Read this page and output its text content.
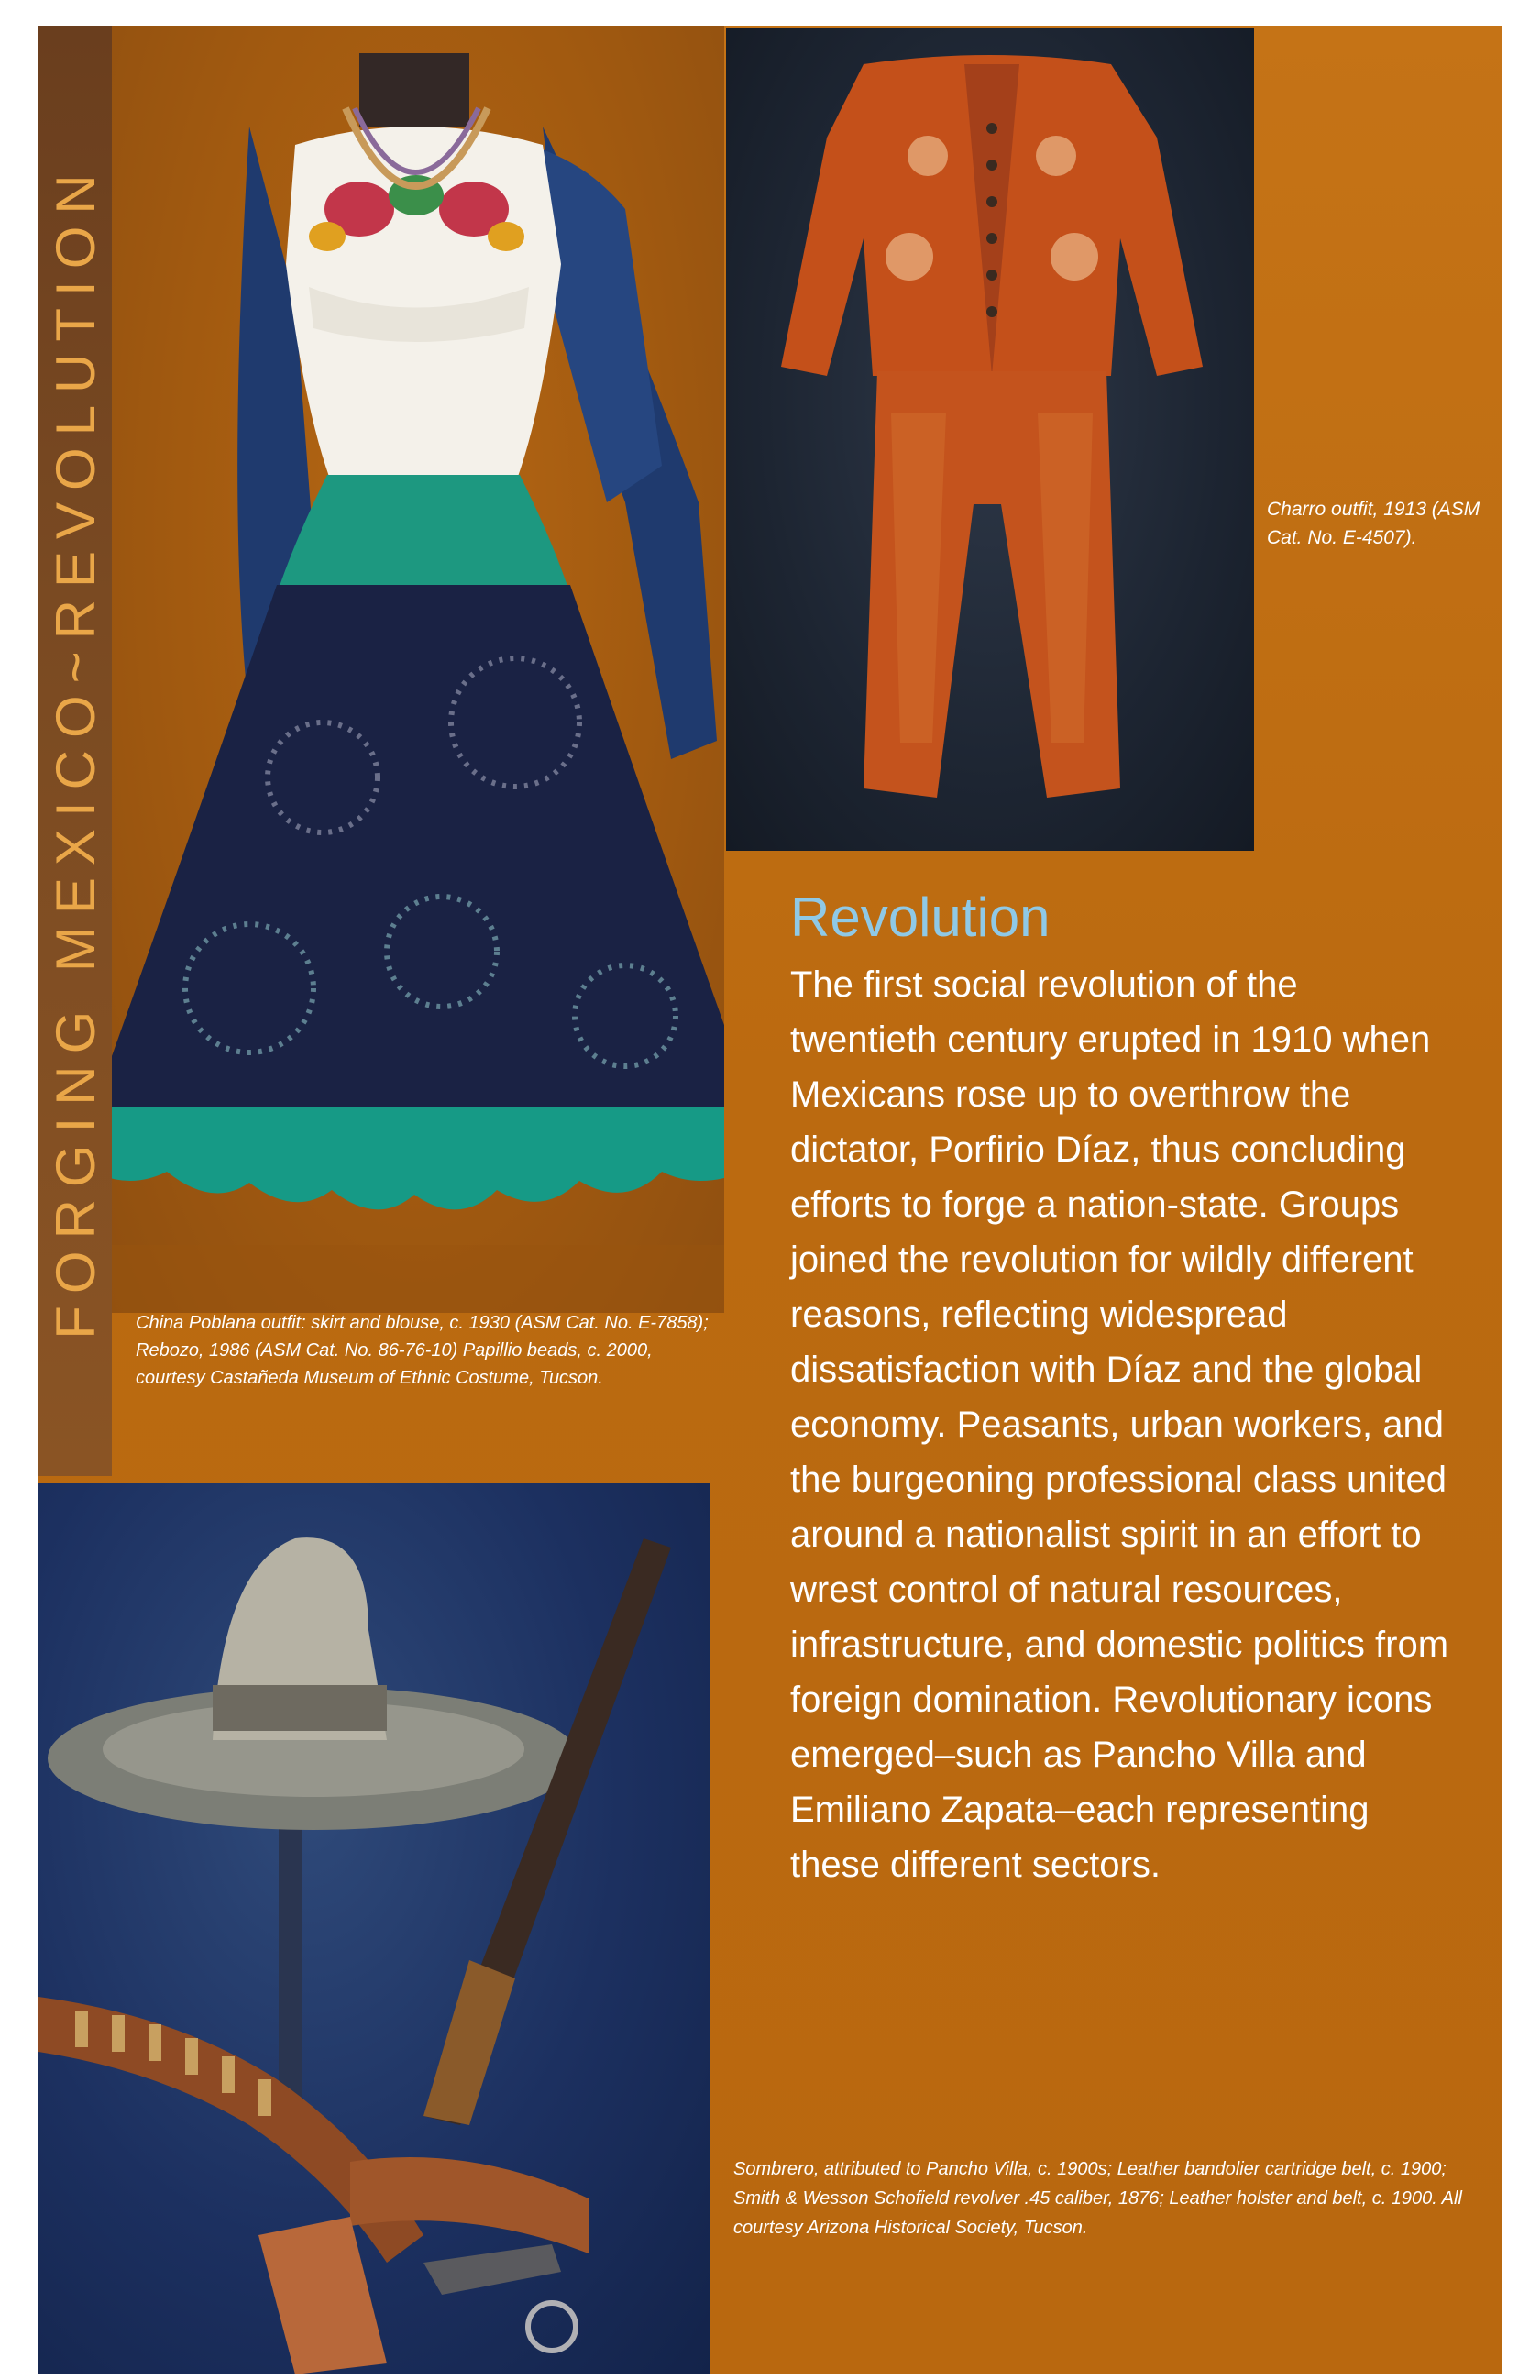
FORGING MEXICO~REVOLUTION	China Poblana outfit: skirt and blouse, c. 1930 (ASM Cat. No. E-7858); Rebozo, 1986 (ASM Cat. No. 86-76-10) Papillio beads, c. 2000, courtesy Castañeda Museum of Ethnic Costume, Tucson.
Charro outfit, 1913 (ASM Cat. No. E-4507).
Revolution

The first social revolution of the twentieth century erupted in 1910 when Mexicans rose up to overthrow the dictator, Porfirio Díaz, thus concluding efforts to forge a nation-state. Groups joined the revolution for wildly different reasons, reflecting widespread dissatisfaction with Díaz and the global economy. Peasants, urban workers, and the burgeoning professional class united around a nationalist spirit in an effort to wrest control of natural resources, infrastructure, and domestic politics from foreign domination. Revolutionary icons emerged–such as Pancho Villa and Emiliano Zapata–each representing these different sectors.

Sombrero, attributed to Pancho Villa, c. 1900s; Leather bandolier cartridge belt, c. 1900; Smith & Wesson Schofield revolver .45 caliber, 1876; Leather holster and belt, c. 1900. All courtesy Arizona Historical Society, Tucson.
